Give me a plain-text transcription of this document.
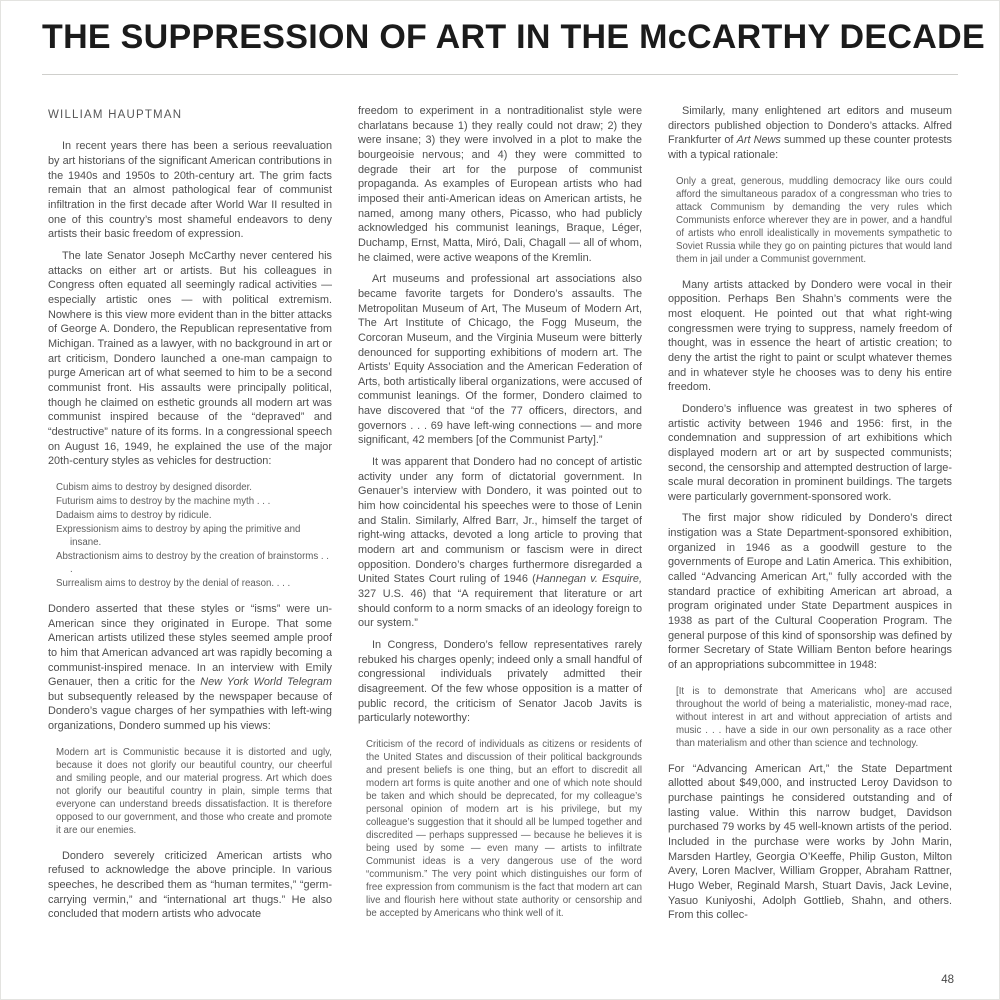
THE SUPPRESSION OF ART IN THE McCARTHY DECADE
WILLIAM HAUPTMAN

In recent years there has been a serious reevaluation by art historians of the significant American contributions in the 1940s and 1950s to 20th-century art. The grim facts remain that an almost pathological fear of communist infiltration in the first decade after World War II resulted in one of this country’s most shameful endeavors to deny artists their basic freedom of expression.

The late Senator Joseph McCarthy never centered his attacks on either art or artists. But his colleagues in Congress often equated all seemingly radical activities — especially artistic ones — with political extremism. Nowhere is this view more evident than in the bitter attacks of George A. Dondero, the Republican representative from Michigan. Trained as a lawyer, with no background in art or art criticism, Dondero launched a one-man campaign to purge American art of what seemed to him to be a second communist front. His assaults were principally political, though he claimed on esthetic grounds all modern art was communist inspired because of the “depraved” and “destructive” nature of its forms. In a congressional speech on August 16, 1949, he explained the use of the major 20th-century styles as vehicles for destruction:

Cubism aims to destroy by designed disorder.
Futurism aims to destroy by the machine myth . . .
Dadaism aims to destroy by ridicule.
Expressionism aims to destroy by aping the primitive and insane.
Abstractionism aims to destroy by the creation of brainstorms . . .
Surrealism aims to destroy by the denial of reason. . . .

Dondero asserted that these styles or “isms” were un-American since they originated in Europe. That some American artists utilized these styles seemed ample proof to him that American advanced art was rapidly becoming a communist-inspired menace. In an interview with Emily Genauer, then a critic for the New York World Telegram but subsequently released by the newspaper because of Dondero’s vague charges of her sympathies with left-wing organizations, Dondero summed up his views:

Modern art is Communistic because it is distorted and ugly, because it does not glorify our beautiful country, our cheerful and smiling people, and our material progress. Art which does not glorify our beautiful country in plain, simple terms that everyone can understand breeds dissatisfaction. It is therefore opposed to our government, and those who create and promote it are our enemies.

Dondero severely criticized American artists who refused to acknowledge the above principle. In various speeches, he described them as “human termites,” “germ-carrying vermin,” and “international art thugs.” He also concluded that modern artists who advocate

freedom to experiment in a nontraditionalist style were charlatans because 1) they really could not draw; 2) they were insane; 3) they were involved in a plot to make the bourgeoisie nervous; and 4) they were committed to degrade their art for the purpose of communist propaganda. As examples of European artists who had imposed their anti-American ideas on American artists, he named, among many others, Picasso, who had publicly acknowledged his communist leanings, Braque, Léger, Duchamp, Ernst, Matta, Miró, Dali, Chagall — all of whom, he claimed, were active weapons of the Kremlin.

Art museums and professional art associations also became favorite targets for Dondero’s assaults. The Metropolitan Museum of Art, The Museum of Modern Art, The Art Institute of Chicago, the Fogg Museum, the Corcoran Museum, and the Virginia Museum were bitterly denounced for supporting exhibitions of modern art. The Artists’ Equity Association and the American Federation of Arts, both artistically liberal organizations, were accused of communist leanings. Of the former, Dondero claimed to have discovered that “of the 77 officers, directors, and governors . . . 69 have left-wing connections — and more significant, 42 members [of the Communist Party].”

It was apparent that Dondero had no concept of artistic activity under any form of dictatorial government. In Genauer’s interview with Dondero, it was pointed out to him how coincidental his speeches were to those of Lenin and Stalin. Similarly, Alfred Barr, Jr., himself the target of right-wing attacks, devoted a long article to proving that modern art and communism or fascism were in direct opposition. Dondero’s charges furthermore disregarded a United States Court ruling of 1946 (Hannegan v. Esquire, 327 U.S. 46) that “A requirement that literature or art should conform to a norm smacks of an ideology foreign to our system.”

In Congress, Dondero’s fellow representatives rarely rebuked his charges openly; indeed only a small handful of congressional individuals privately admitted their disagreement. Of the few whose opposition is a matter of public record, the criticism of Senator Jacob Javits is particularly noteworthy:

Criticism of the record of individuals as citizens or residents of the United States and discussion of their political backgrounds and present beliefs is one thing, but an effort to discredit all modern art forms is quite another and one of which note should be taken and which should be deprecated, for my colleague’s personal opinion of modern art is his privilege, but my colleague’s suggestion that it should all be lumped together and discredited — perhaps suppressed — because he believes it is being used by some — even many — artists to infiltrate Communist ideas is a very dangerous use of the word “communism.” The very point which distinguishes our form of free expression from communism is the fact that modern art can live and flourish here without state authority or censorship and be accepted by Americans who think well of it.

Similarly, many enlightened art editors and museum directors published objection to Dondero’s attacks. Alfred Frankfurter of Art News summed up these counter protests with a typical rationale:

Only a great, generous, muddling democracy like ours could afford the simultaneous paradox of a congressman who tries to attack Communism by demanding the very rules which Communists enforce wherever they are in power, and a handful of artists who enroll idealistically in movements sympathetic to Soviet Russia while they go on painting pictures that would land them in jail under a Communist government.

Many artists attacked by Dondero were vocal in their opposition. Perhaps Ben Shahn’s comments were the most eloquent. He pointed out that what right-wing congressmen were trying to suppress, namely freedom of thought, was in essence the heart of artistic creation; to deny the artist the right to paint or sculpt whatever themes and in whatever style he chooses was to deny his entire freedom.

Dondero’s influence was greatest in two spheres of artistic activity between 1946 and 1956: first, in the condemnation and suppression of art exhibitions which displayed modern art or art by suspected communists; second, the censorship and attempted destruction of large-scale mural decoration in prominent buildings. The targets were particularly government-sponsored work.

The first major show ridiculed by Dondero’s direct instigation was a State Department-sponsored exhibition, organized in 1946 as a goodwill gesture to the governments of Europe and Latin America. This exhibition, called “Advancing American Art,” fully accorded with the standard practice of exhibiting American art abroad, a program originated under State Department auspices in 1938 as part of the Cultural Cooperation Program. The general purpose of this kind of sponsorship was defined by former Secretary of State William Benton before hearings of an appropriations subcommittee in 1948:

[It is to demonstrate that Americans who] are accused throughout the world of being a materialistic, money-mad race, without interest in art and without appreciation of artists and music . . . have a side in our own personality as a race other than materialism and other than science and technology.

For “Advancing American Art,” the State Department allotted about $49,000, and instructed Leroy Davidson to purchase paintings he considered outstanding and of lasting value. Within this narrow budget, Davidson purchased 79 works by 45 well-known artists of the period. Included in the purchase were works by John Marin, Marsden Hartley, Georgia O’Keeffe, Philip Guston, Milton Avery, Loren MacIver, William Gropper, Abraham Rattner, Hugo Weber, Reginald Marsh, Stuart Davis, Jack Levine, Yasuo Kuniyoshi, Adolph Gottlieb, Shahn, and others. From this collec-

48
